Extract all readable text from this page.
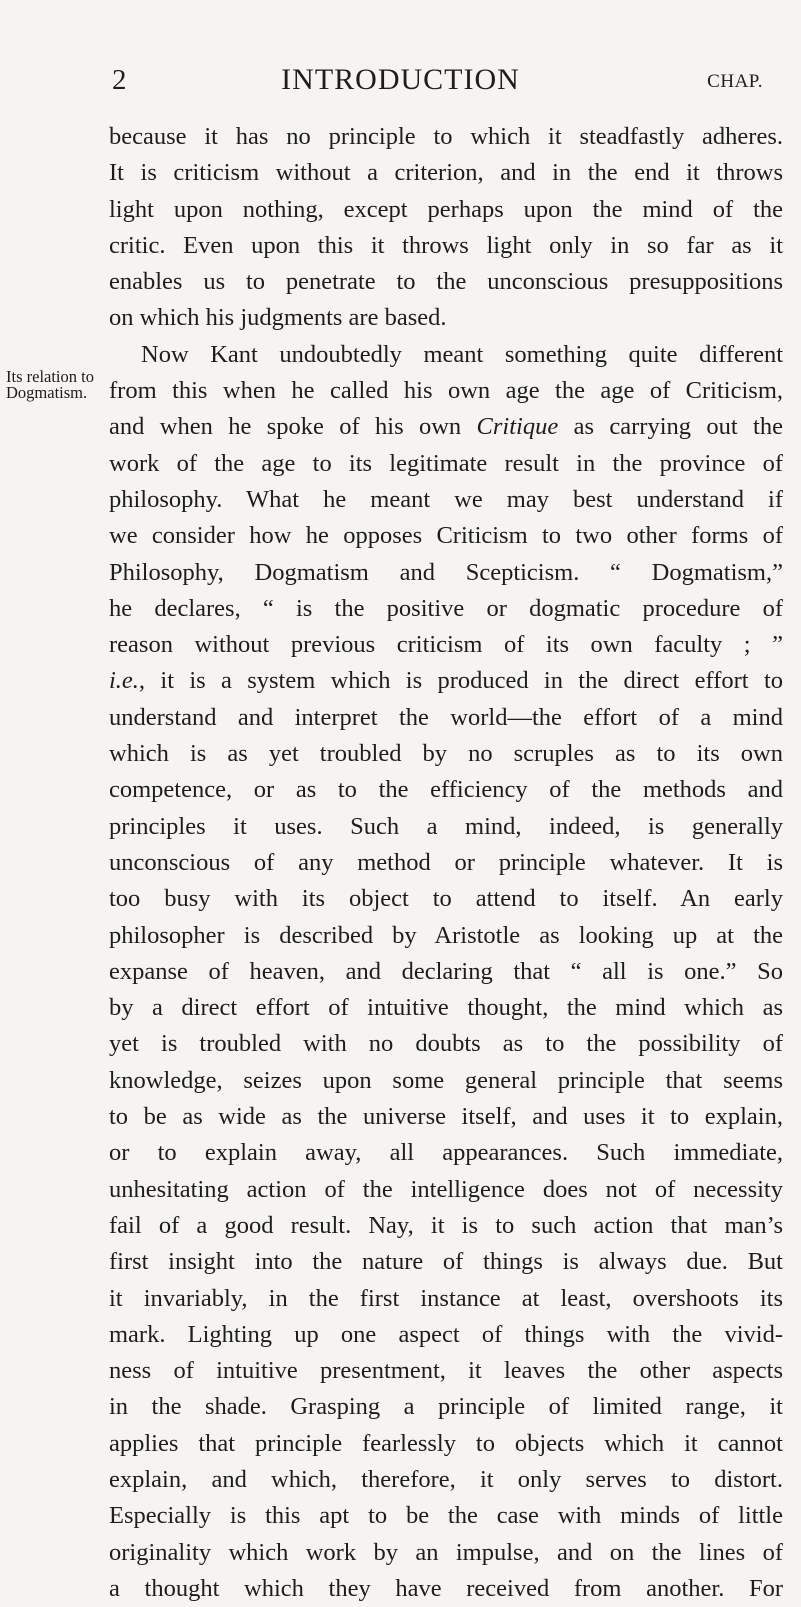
2	INTRODUCTION	CHAP.
Its relation to
Dogmatism.
because it has no principle to which it steadfastly adheres.
It is criticism without a criterion, and in the end it throws
light upon nothing, except perhaps upon the mind of the
critic. Even upon this it throws light only in so far as it
enables us to penetrate to the unconscious presuppositions
on which his judgments are based.
Now Kant undoubtedly meant something quite different
from this when he called his own age the age of Criticism,
and when he spoke of his own Critique as carrying out the
work of the age to its legitimate result in the province of
philosophy. What he meant we may best understand if
we consider how he opposes Criticism to two other forms of
Philosophy, Dogmatism and Scepticism. “ Dogmatism,”
he declares, “ is the positive or dogmatic procedure of
reason without previous criticism of its own faculty ; ”
i.e., it is a system which is produced in the direct effort to
understand and interpret the world—the effort of a mind
which is as yet troubled by no scruples as to its own
competence, or as to the efficiency of the methods and
principles it uses. Such a mind, indeed, is generally
unconscious of any method or principle whatever. It is
too busy with its object to attend to itself. An early
philosopher is described by Aristotle as looking up at the
expanse of heaven, and declaring that “ all is one.” So
by a direct effort of intuitive thought, the mind which as
yet is troubled with no doubts as to the possibility of
knowledge, seizes upon some general principle that seems
to be as wide as the universe itself, and uses it to explain,
or to explain away, all appearances. Such immediate,
unhesitating action of the intelligence does not of necessity
fail of a good result. Nay, it is to such action that man’s
first insight into the nature of things is always due. But
it invariably, in the first instance at least, overshoots its
mark. Lighting up one aspect of things with the vivid-
ness of intuitive presentment, it leaves the other aspects
in the shade. Grasping a principle of limited range, it
applies that principle fearlessly to objects which it cannot
explain, and which, therefore, it only serves to distort.
Especially is this apt to be the case with minds of little
originality which work by an impulse, and on the lines of
a thought which they have received from another. For
